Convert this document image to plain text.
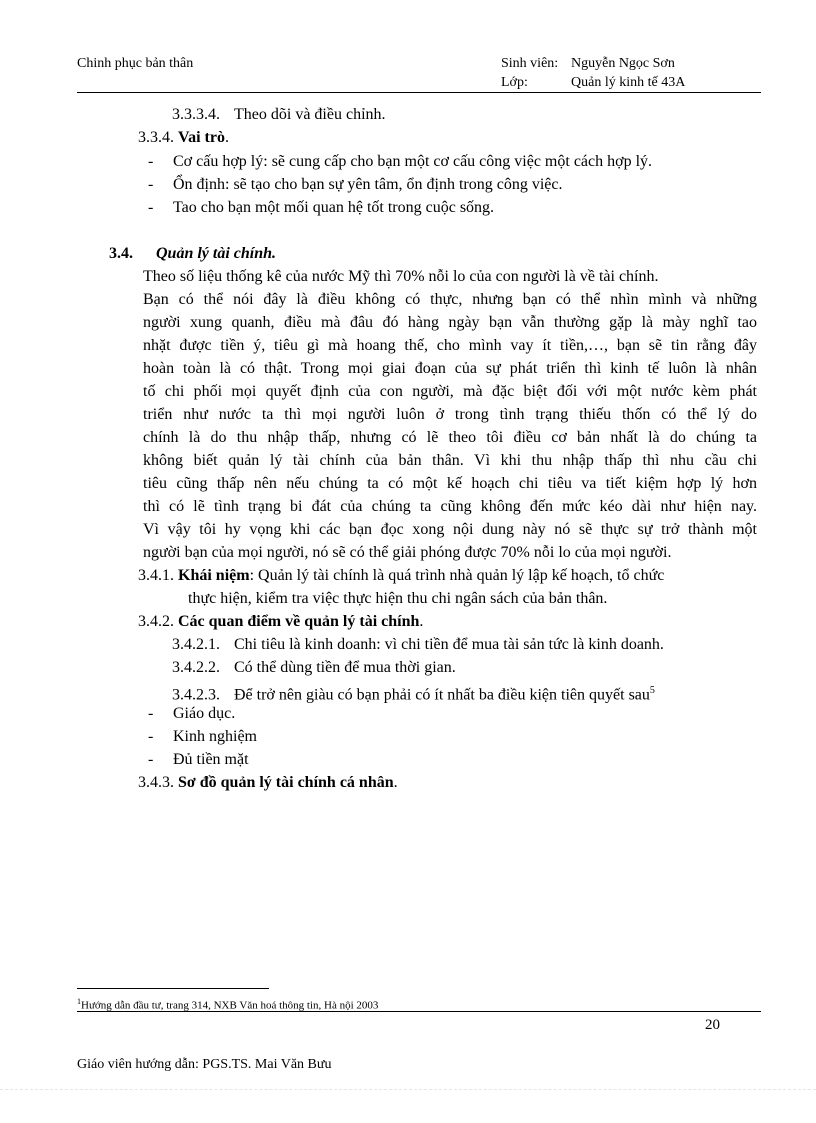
Chinh phục bản thân	Sinh viên: Nguyễn Ngọc Sơn
Lớp:	Quản lý kinh tế 43A
3.3.3.4. Theo dõi và điều chỉnh.
3.3.4. Vai trò.
- Cơ cấu hợp lý: sẽ cung cấp cho bạn một cơ cấu công việc một cách hợp lý.
- Ổn định: sẽ tạo cho bạn sự yên tâm, ổn định trong công việc.
- Tao cho bạn một mối quan hệ tốt trong cuộc sống.
3.4. Quản lý tài chính.
Theo số liệu thống kê của nước Mỹ thì 70% nỗi lo của con người là về tài chính.
Bạn có thể nói đây là điều không có thực, nhưng bạn có thể nhìn mình và những
người xung quanh, điều mà đâu đó hàng ngày bạn vẫn thường gặp là mày nghĩ tao
nhặt được tiền ý, tiêu gì mà hoang thế, cho mình vay ít tiền,…, bạn sẽ tin rằng đây
hoàn toàn là có thật. Trong mọi giai đoạn của sự phát triển thì kinh tế luôn là nhân
tố chi phối mọi quyết định của con người, mà đặc biệt đối với một nước kèm phát
triển như nước ta thì mọi người luôn ở trong tình trạng thiếu thốn có thể lý do
chính là do thu nhập thấp, nhưng có lẽ theo tôi điều cơ bản nhất là do chúng ta
không biết quản lý tài chính của bản thân. Vì khi thu nhập thấp thì nhu cầu chi
tiêu cũng thấp nên nếu chúng ta có một kế hoạch chi tiêu va tiết kiệm hợp lý hơn
thì có lẽ tình trạng bi đát của chúng ta cũng không đến mức kéo dài như hiện nay.
Vì vậy tôi hy vọng khi các bạn đọc xong nội dung này nó sẽ thực sự trở thành một
người bạn của mọi người, nó sẽ có thể giải phóng được 70% nỗi lo của mọi người.
3.4.1. Khái niệm: Quản lý tài chính là quá trình nhà quản lý lập kế hoạch, tổ chức
thực hiện, kiểm tra việc thực hiện thu chi ngân sách của bản thân.
3.4.2. Các quan điểm về quản lý tài chính.
3.4.2.1. Chi tiêu là kinh doanh: vì chi tiền để mua tài sản tức là kinh doanh.
3.4.2.2. Có thể dùng tiền để mua thời gian.
3.4.2.3. Để trở nên giàu có bạn phải có ít nhất ba điều kiện tiên quyết sau$^5$
- Giáo dục.
- Kinh nghiệm
- Đủ tiền mặt
3.4.3. Sơ đồ quản lý tài chính cá nhân.
$^1$Hướng dẫn đầu tư, trang 314, NXB Văn hoá thông tin, Hà nội 2003
20
Giáo viên hướng dẫn: PGS.TS. Mai Văn Bưu
